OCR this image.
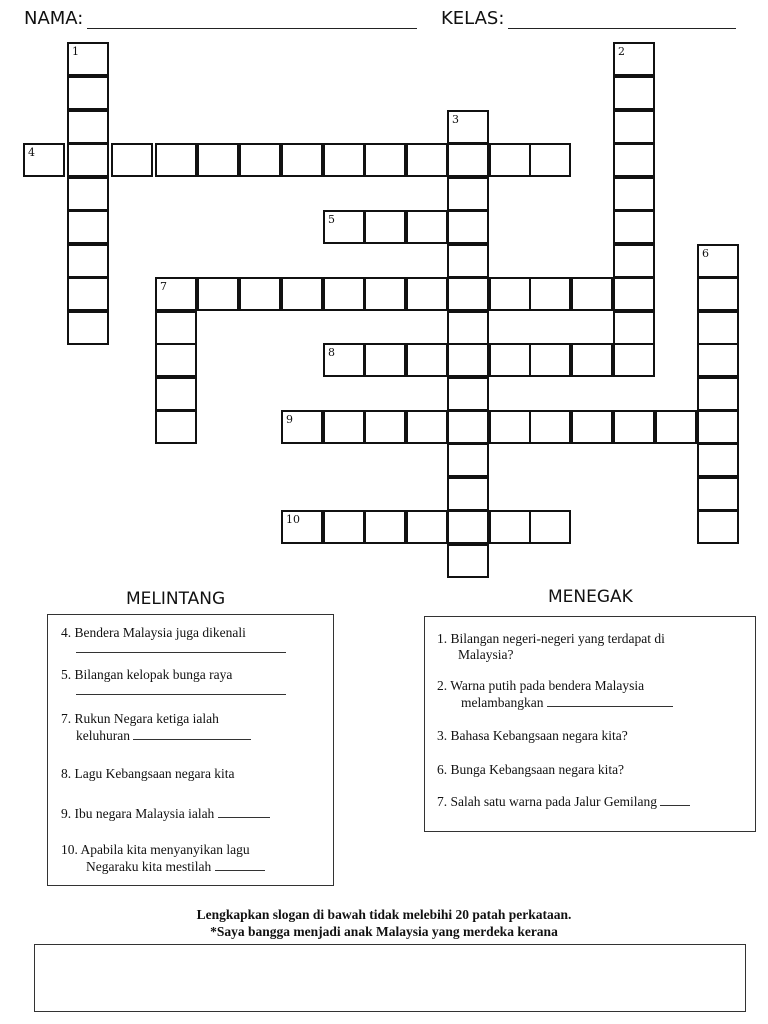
NAMA:	KELAS:
1	2
3
4
5
6
7
8
9
10
MELINTANG
4. Bendera Malaysia juga dikenali
5. Bilangan kelopak bunga raya
7. Rukun Negara ketiga ialah
keluhuran
8. Lagu Kebangsaan negara kita
9. Ibu negara Malaysia ialah
10. Apabila kita menyanyikan lagu
Negaraku kita mestilah
MENEGAK
1. Bilangan negeri-negeri yang terdapat di
Malaysia?
2. Warna putih pada bendera Malaysia
melambangkan
3. Bahasa Kebangsaan negara kita?
6. Bunga Kebangsaan negara kita?
7. Salah satu warna pada Jalur Gemilang
Lengkapkan slogan di bawah tidak melebihi 20 patah perkataan.
*Saya bangga menjadi anak Malaysia yang merdeka kerana
